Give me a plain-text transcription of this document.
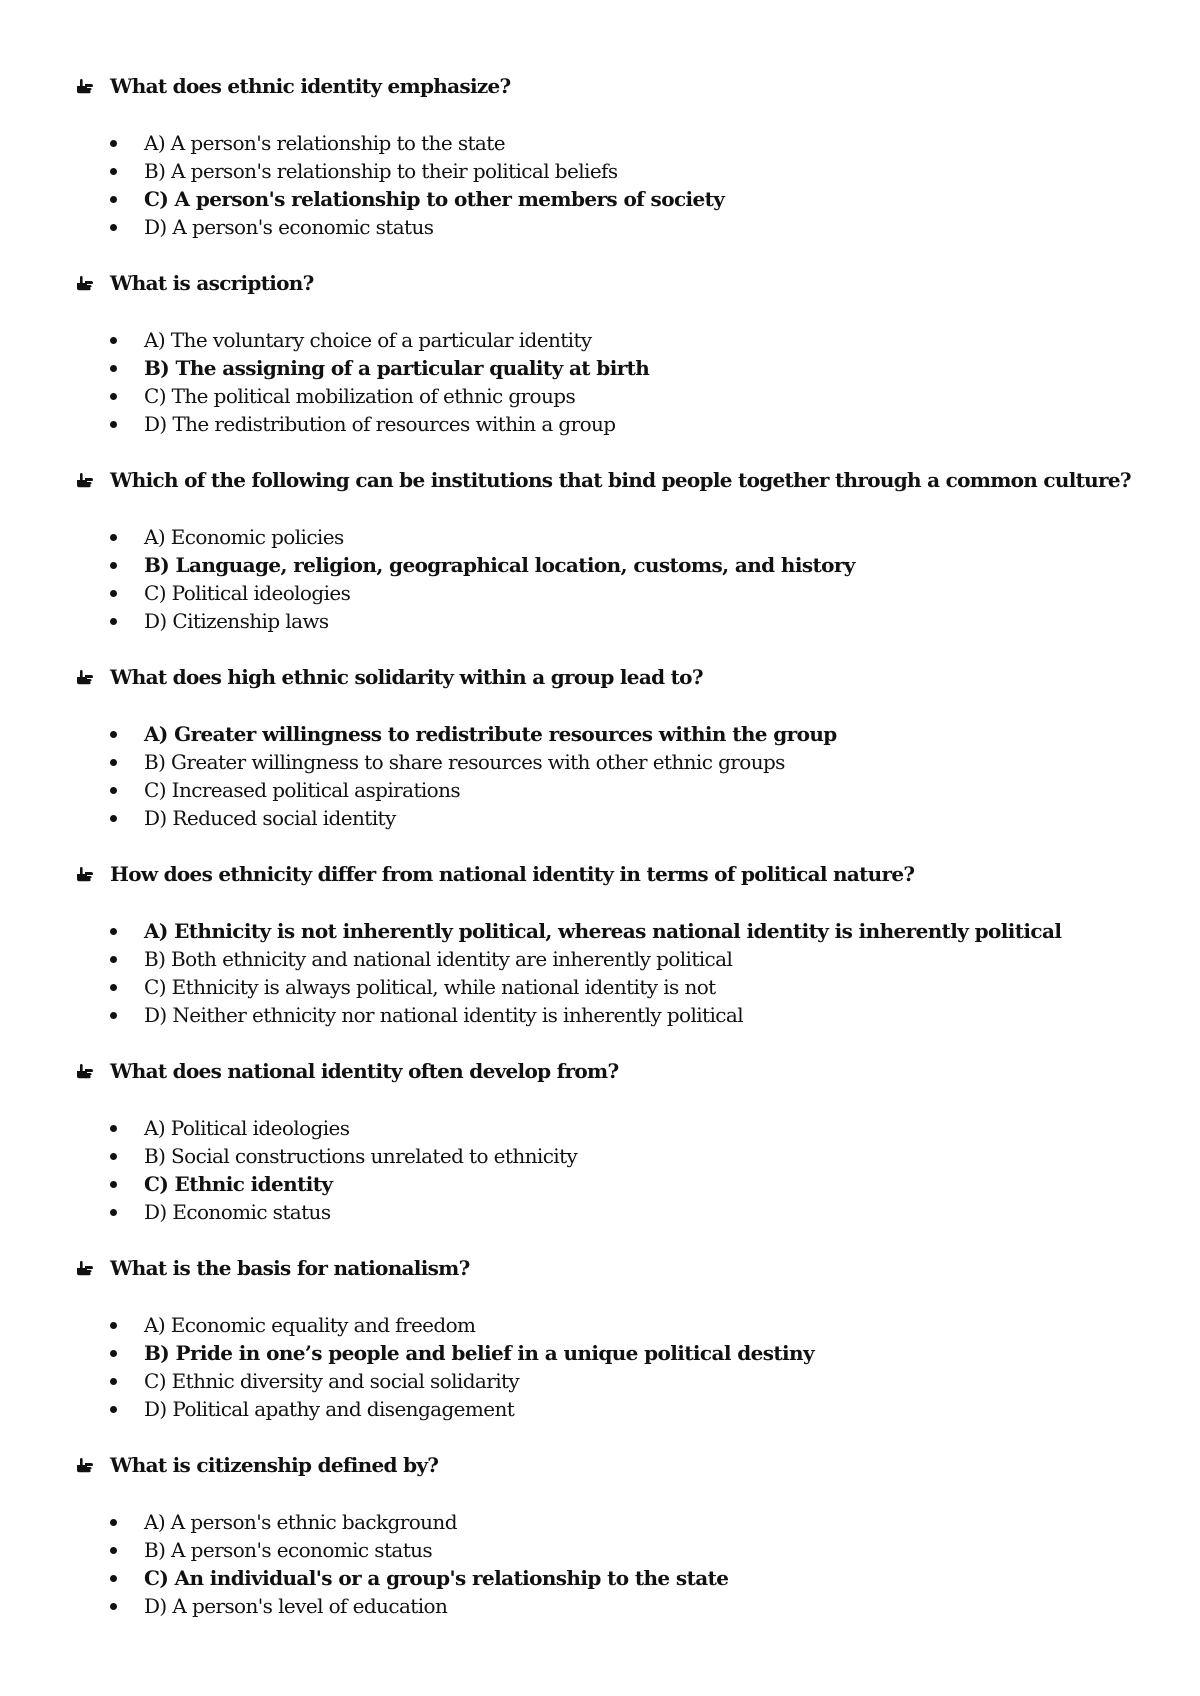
What does ethnic identity emphasize?
A) A person's relationship to the state
B) A person's relationship to their political beliefs
C) A person's relationship to other members of society
D) A person's economic status
What is ascription?
A) The voluntary choice of a particular identity
B) The assigning of a particular quality at birth
C) The political mobilization of ethnic groups
D) The redistribution of resources within a group
Which of the following can be institutions that bind people together through a common culture?
A) Economic policies
B) Language, religion, geographical location, customs, and history
C) Political ideologies
D) Citizenship laws
What does high ethnic solidarity within a group lead to?
A) Greater willingness to redistribute resources within the group
B) Greater willingness to share resources with other ethnic groups
C) Increased political aspirations
D) Reduced social identity
How does ethnicity differ from national identity in terms of political nature?
A) Ethnicity is not inherently political, whereas national identity is inherently political
B) Both ethnicity and national identity are inherently political
C) Ethnicity is always political, while national identity is not
D) Neither ethnicity nor national identity is inherently political
What does national identity often develop from?
A) Political ideologies
B) Social constructions unrelated to ethnicity
C) Ethnic identity
D) Economic status
What is the basis for nationalism?
A) Economic equality and freedom
B) Pride in one’s people and belief in a unique political destiny
C) Ethnic diversity and social solidarity
D) Political apathy and disengagement
What is citizenship defined by?
A) A person's ethnic background
B) A person's economic status
C) An individual's or a group's relationship to the state
D) A person's level of education
